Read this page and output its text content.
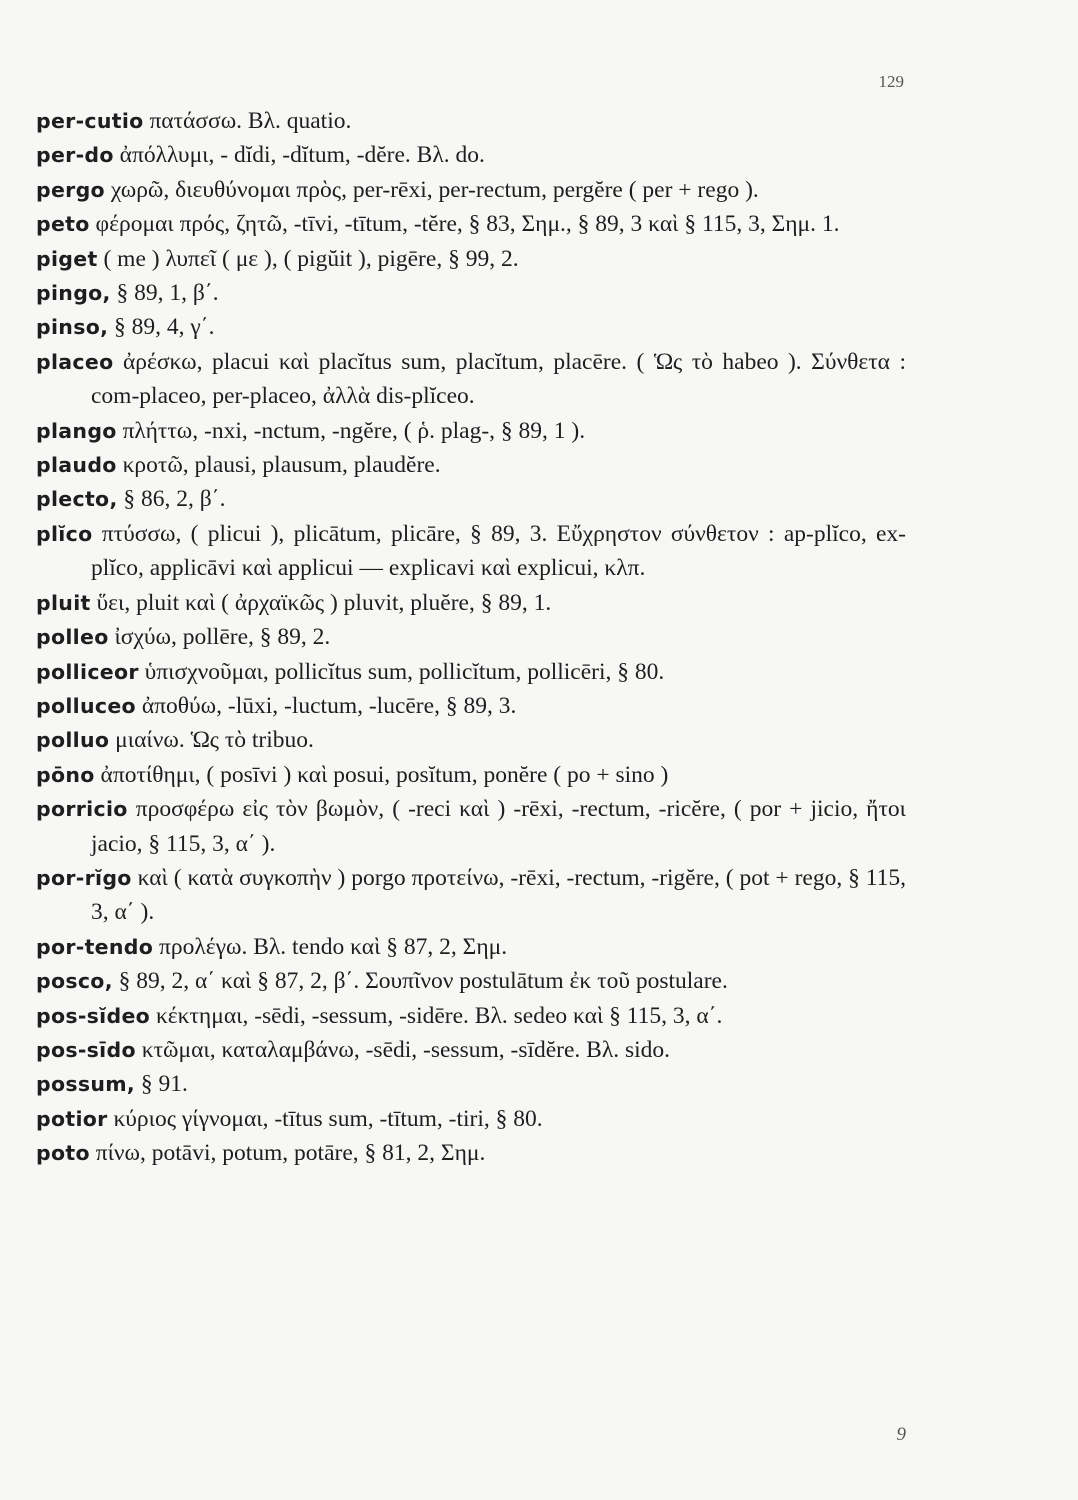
129

per-cutio πατάσσω. Βλ. quatio.

per-do ἀπόλλυμι, - dĭdi, -dĭtum, -dĕre. Βλ. do.

pergo χωρῶ, διευθύνομαι πρὸς, per-rēxi, per-rectum, pergĕre ( per + rego ).

peto φέρομαι πρός, ζητῶ, -tīvi, -tītum, -tĕre, § 83, Σημ., § 89, 3 καὶ § 115, 3, Σημ. 1.

piget ( me ) λυπεῖ ( με ), ( pigŭit ), pigēre, § 99, 2.

pingo, § 89, 1, β΄.

pinso, § 89, 4, γ΄.

placeo ἀρέσκω, placui καὶ placĭtus sum, placĭtum, placēre. ( Ὡς τὸ habeo ). Σύνθετα : com-placeo, per-placeo, ἀλλὰ dis-plĭceo.

plango πλήττω, -nxi, -nctum, -ngĕre, ( ῥ. plag-, § 89, 1 ).

plaudo κροτῶ, plausi, plausum, plaudĕre.

plecto, § 86, 2, β΄.

plĭco πτύσσω, ( plicui ), plicātum, plicāre, § 89, 3. Εὔχρηστον σύνθετον : ap-plĭco, ex-plĭco, applicāvi καὶ applicui — explicavi καὶ explicui, κλπ.

pluit ὕει, pluit καὶ ( ἀρχαϊκῶς ) pluvit, pluĕre, § 89, 1.

polleo ἰσχύω, pollēre, § 89, 2.

polliceor ὑπισχνοῦμαι, pollicĭtus sum, pollicĭtum, pollicēri, § 80.

polluceo ἀποθύω, -lūxi, -luctum, -lucēre, § 89, 3.

polluo μιαίνω. Ὡς τὸ tribuo.

pōno ἀποτίθημι, ( posīvi ) καὶ posui, posĭtum, ponĕre ( po + sino )

porricio προσφέρω εἰς τὸν βωμὸν, ( -reci καὶ ) -rēxi, -rectum, -ricĕre, ( por + jicio, ἤτοι jacio, § 115, 3, α΄ ).

por-rĭgo καὶ ( κατὰ συγκοπὴν ) porgo προτείνω, -rēxi, -rectum, -rigĕre, ( pot + rego, § 115, 3, α΄ ).

por-tendo προλέγω. Βλ. tendo καὶ § 87, 2, Σημ.

posco, § 89, 2, α΄ καὶ § 87, 2, β΄. Σουπῖνον postulātum ἐκ τοῦ postulare.

pos-sĭdeo κέκτημαι, -sēdi, -sessum, -sidēre. Βλ. sedeo καὶ § 115, 3, α΄.

pos-sīdo κτῶμαι, καταλαμβάνω, -sēdi, -sessum, -sīdĕre. Βλ. sido.

possum, § 91.

potior κύριος γίγνομαι, -tītus sum, -tītum, -tiri, § 80.

poto πίνω, potāvi, potum, potāre, § 81, 2, Σημ.

9
